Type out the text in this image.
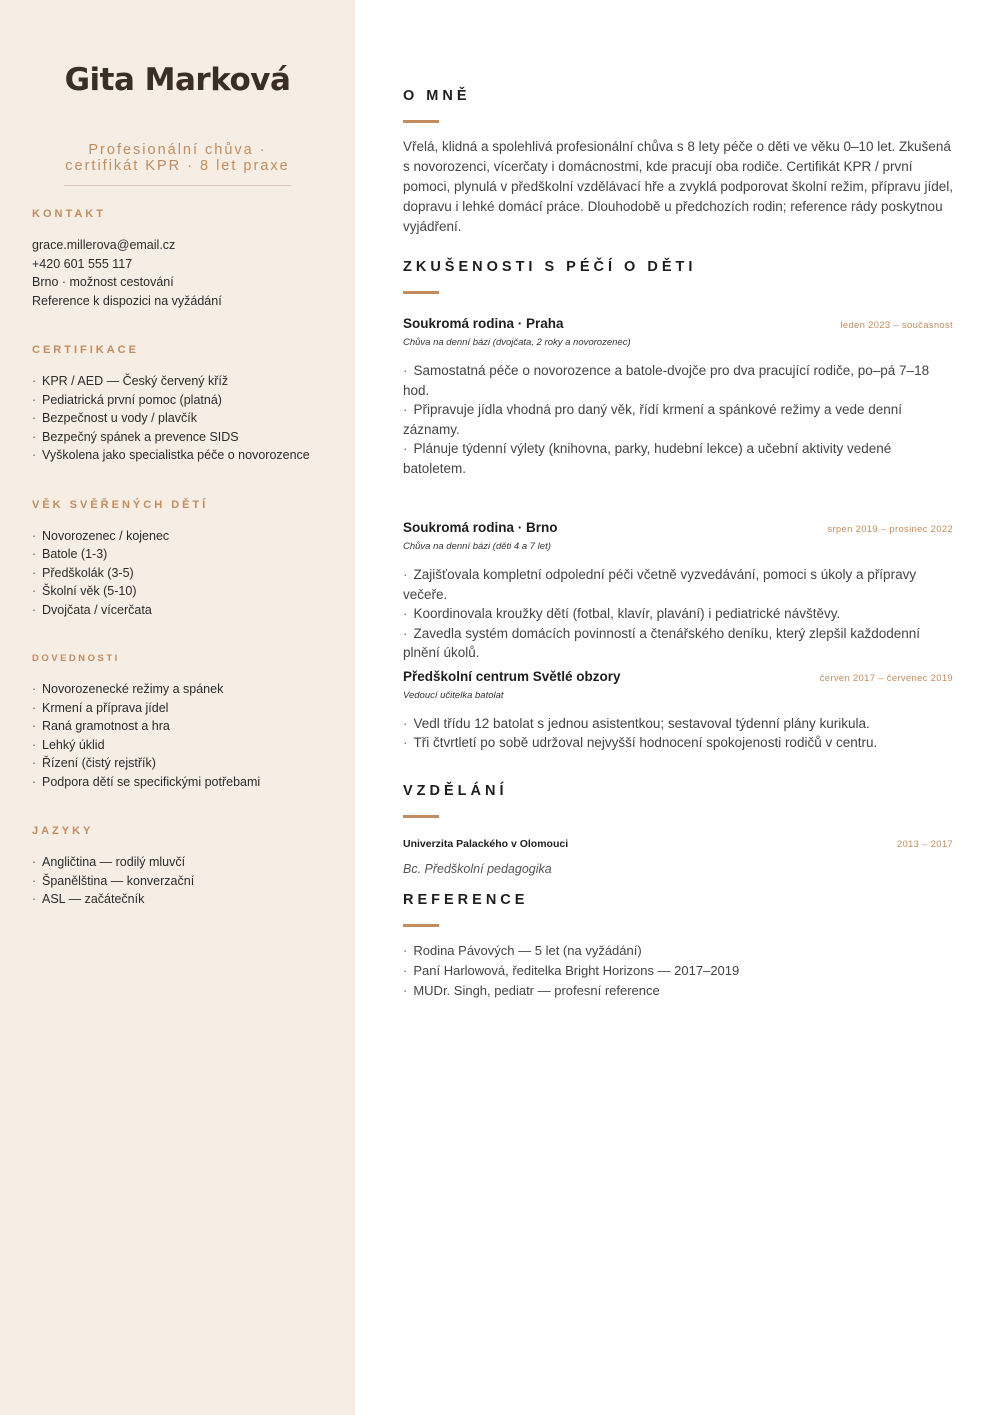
Gita Marková
Profesionální chůva · certifikát KPR · 8 let praxe
KONTAKT
grace.millerova@email.cz
+420 601 555 117
Brno · možnost cestování
Reference k dispozici na vyžádání
CERTIFIKACE
· KPR / AED — Český červený kříž
· Pediatrická první pomoc (platná)
· Bezpečnost u vody / plavčík
· Bezpečný spánek a prevence SIDS
· Vyškolena jako specialistka péče o novorozence
VĚK SVĚŘENÝCH DĚTÍ
· Novorozenec / kojenec
· Batole (1-3)
· Předškolák (3-5)
· Školní věk (5-10)
· Dvojčata / vícerčata
DOVEDNOSTI
· Novorozenecké režimy a spánek
· Krmení a příprava jídel
· Raná gramotnost a hra
· Lehký úklid
· Řízení (čistý rejstřík)
· Podpora dětí se specifickými potřebami
JAZYKY
· Angličtina — rodilý mluvčí
· Španělština — konverzační
· ASL — začátečník
O MNĚ
Vřelá, klidná a spolehlivá profesionální chůva s 8 lety péče o děti ve věku 0–10 let. Zkušená s novorozenci, vícerčaty i domácnostmi, kde pracují oba rodiče. Certifikát KPR / první pomoci, plynulá v předškolní vzdělávací hře a zvyklá podporovat školní režim, přípravu jídel, dopravu i lehké domácí práce. Dlouhodobě u předchozích rodin; reference rády poskytnou vyjádření.
ZKUŠENOSTI S PÉČÍ O DĚTI
Soukromá rodina · Praha	leden 2023 – současnost
Chůva na denní bázi (dvojčata, 2 roky a novorozenec)
· Samostatná péče o novorozence a batole-dvojče pro dva pracující rodiče, po–pá 7–18 hod.
· Připravuje jídla vhodná pro daný věk, řídí krmení a spánkové režimy a vede denní záznamy.
· Plánuje týdenní výlety (knihovna, parky, hudební lekce) a učební aktivity vedené batoletem.
Soukromá rodina · Brno	srpen 2019 – prosinec 2022
Chůva na denní bázi (děti 4 a 7 let)
· Zajišťovala kompletní odpolední péči včetně vyzvedávání, pomoci s úkoly a přípravy večeře.
· Koordinovala kroužky dětí (fotbal, klavír, plavání) i pediatrické návštěvy.
· Zavedla systém domácích povinností a čtenářského deníku, který zlepšil každodenní plnění úkolů.
Předškolní centrum Světlé obzory	červen 2017 – červenec 2019
Vedoucí učitelka batolat
· Vedl třídu 12 batolat s jednou asistentkou; sestavoval týdenní plány kurikula.
· Tři čtvrtletí po sobě udržoval nejvyšší hodnocení spokojenosti rodičů v centru.
VZDĚLÁNÍ
Univerzita Palackého v Olomouci	2013 – 2017
Bc. Předškolní pedagogika
REFERENCE
· Rodina Pávových — 5 let (na vyžádání)
· Paní Harlowová, ředitelka Bright Horizons — 2017–2019
· MUDr. Singh, pediatr — profesní reference
